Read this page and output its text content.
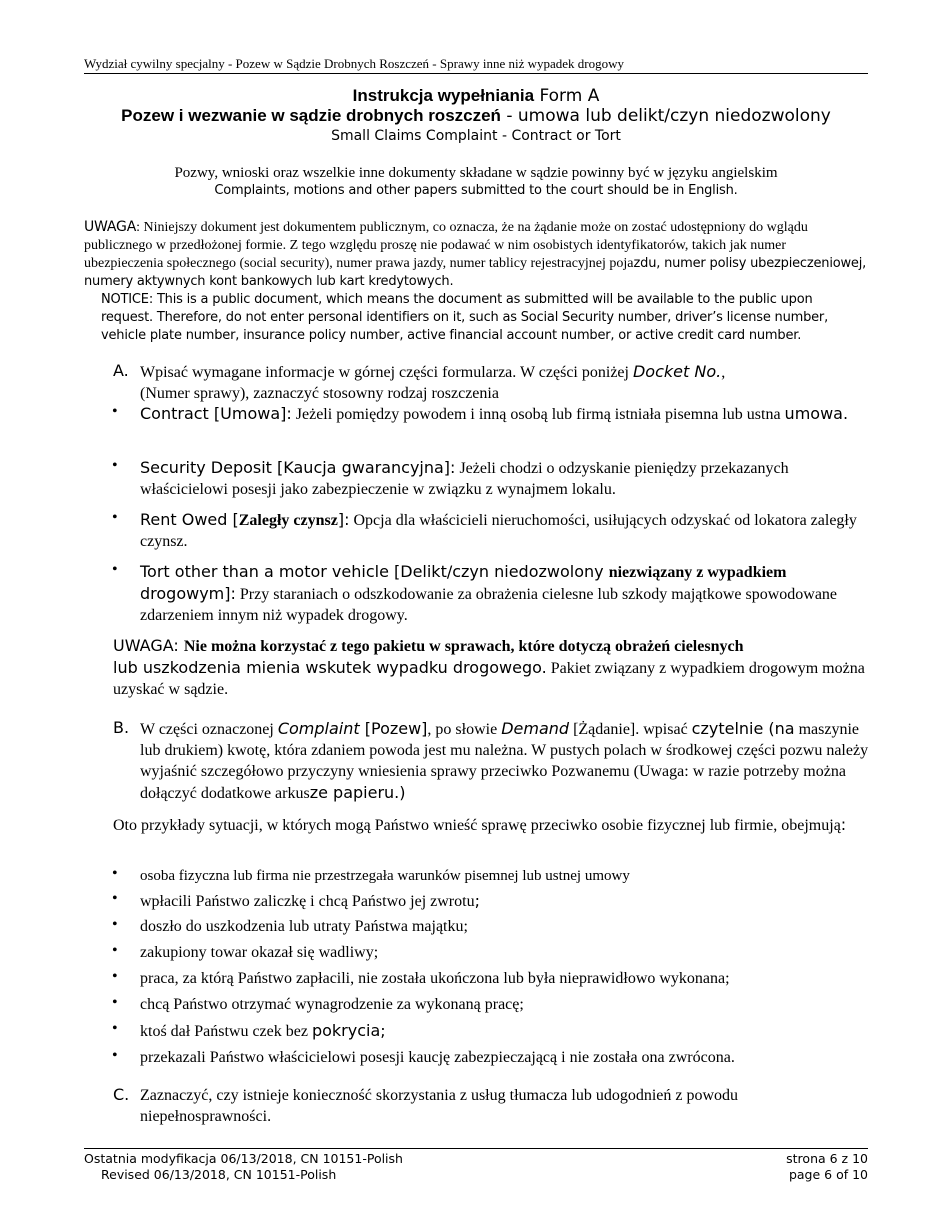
Wydział cywilny specjalny - Pozew w Sądzie Drobnych Roszczeń - Sprawy inne niż wypadek drogowy
Instrukcja wypełniania Form A
Pozew i wezwanie w sądzie drobnych roszczeń - umowa lub delikt/czyn niedozwolony
Small Claims Complaint - Contract or Tort
Pozwy, wnioski oraz wszelkie inne dokumenty składane w sądzie powinny być w języku angielskim
Complaints, motions and other papers submitted to the court should be in English.
UWAGA: Niniejszy dokument jest dokumentem publicznym, co oznacza, że na żądanie może on zostać udostępniony do wglądu publicznego w przedłożonej formie. Z tego względu proszę nie podawać w nim osobistych identyfikatorów, takich jak numer ubezpieczenia społecznego (social security), numer prawa jazdy, numer tablicy rejestracyjnej pojazdu, numer polisy ubezpieczeniowej, numery aktywnych kont bankowych lub kart kredytowych.
NOTICE: This is a public document, which means the document as submitted will be available to the public upon request. Therefore, do not enter personal identifiers on it, such as Social Security number, driver’s license number, vehicle plate number, insurance policy number, active financial account number, or active credit card number.
A. Wpisać wymagane informacje w górnej części formularza. W części poniżej Docket No.,
(Numer sprawy), zaznaczyć stosowny rodzaj roszczenia
• Contract [Umowa]: Jeżeli pomiędzy powodem i inną osobą lub firmą istniała pisemna lub ustna umowa.
• Security Deposit [Kaucja gwarancyjna]: Jeżeli chodzi o odzyskanie pieniędzy przekazanych właścicielowi posesji jako zabezpieczenie w związku z wynajmem lokalu.
• Rent Owed [Zaległy czynsz]: Opcja dla właścicieli nieruchomości, usiłujących odzyskać od lokatora zaległy czynsz.
• Tort other than a motor vehicle [Delikt/czyn niedozwolony niezwiązany z wypadkiem
drogowym]: Przy staraniach o odszkodowanie za obrażenia cielesne lub szkody majątkowe spowodowane zdarzeniem innym niż wypadek drogowy.
UWAGA: Nie można korzystać z tego pakietu w sprawach, które dotyczą obrażeń cielesnych
lub uszkodzenia mienia wskutek wypadku drogowego. Pakiet związany z wypadkiem drogowym można uzyskać w sądzie.
B. W części oznaczonej Complaint [Pozew], po słowie Demand [Żądanie]. wpisać czytelnie (na maszynie lub drukiem) kwotę, która zdaniem powoda jest mu należna. W pustych polach w środkowej części pozwu należy wyjaśnić szczegółowo przyczyny wniesienia sprawy przeciwko Pozwanemu (Uwaga: w razie potrzeby można dołączyć dodatkowe arkusze papieru.)
Oto przykłady sytuacji, w których mogą Państwo wnieść sprawę przeciwko osobie fizycznej lub firmie, obejmują:
• osoba fizyczna lub firma nie przestrzegała warunków pisemnej lub ustnej umowy
• wpłacili Państwo zaliczkę i chcą Państwo jej zwrotu;
• doszło do uszkodzenia lub utraty Państwa majątku;
• zakupiony towar okazał się wadliwy;
• praca, za którą Państwo zapłacili, nie została ukończona lub była nieprawidłowo wykonana;
• chcą Państwo otrzymać wynagrodzenie za wykonaną pracę;
• ktoś dał Państwu czek bez pokrycia;
• przekazali Państwo właścicielowi posesji kaucję zabezpieczającą i nie została ona zwrócona.
C. Zaznaczyć, czy istnieje konieczność skorzystania z usług tłumacza lub udogodnień z powodu niepełnosprawności.
Ostatnia modyfikacja 06/13/2018, CN 10151-Polish
Revised 06/13/2018, CN 10151-Polish
strona 6 z 10
page 6 of 10
